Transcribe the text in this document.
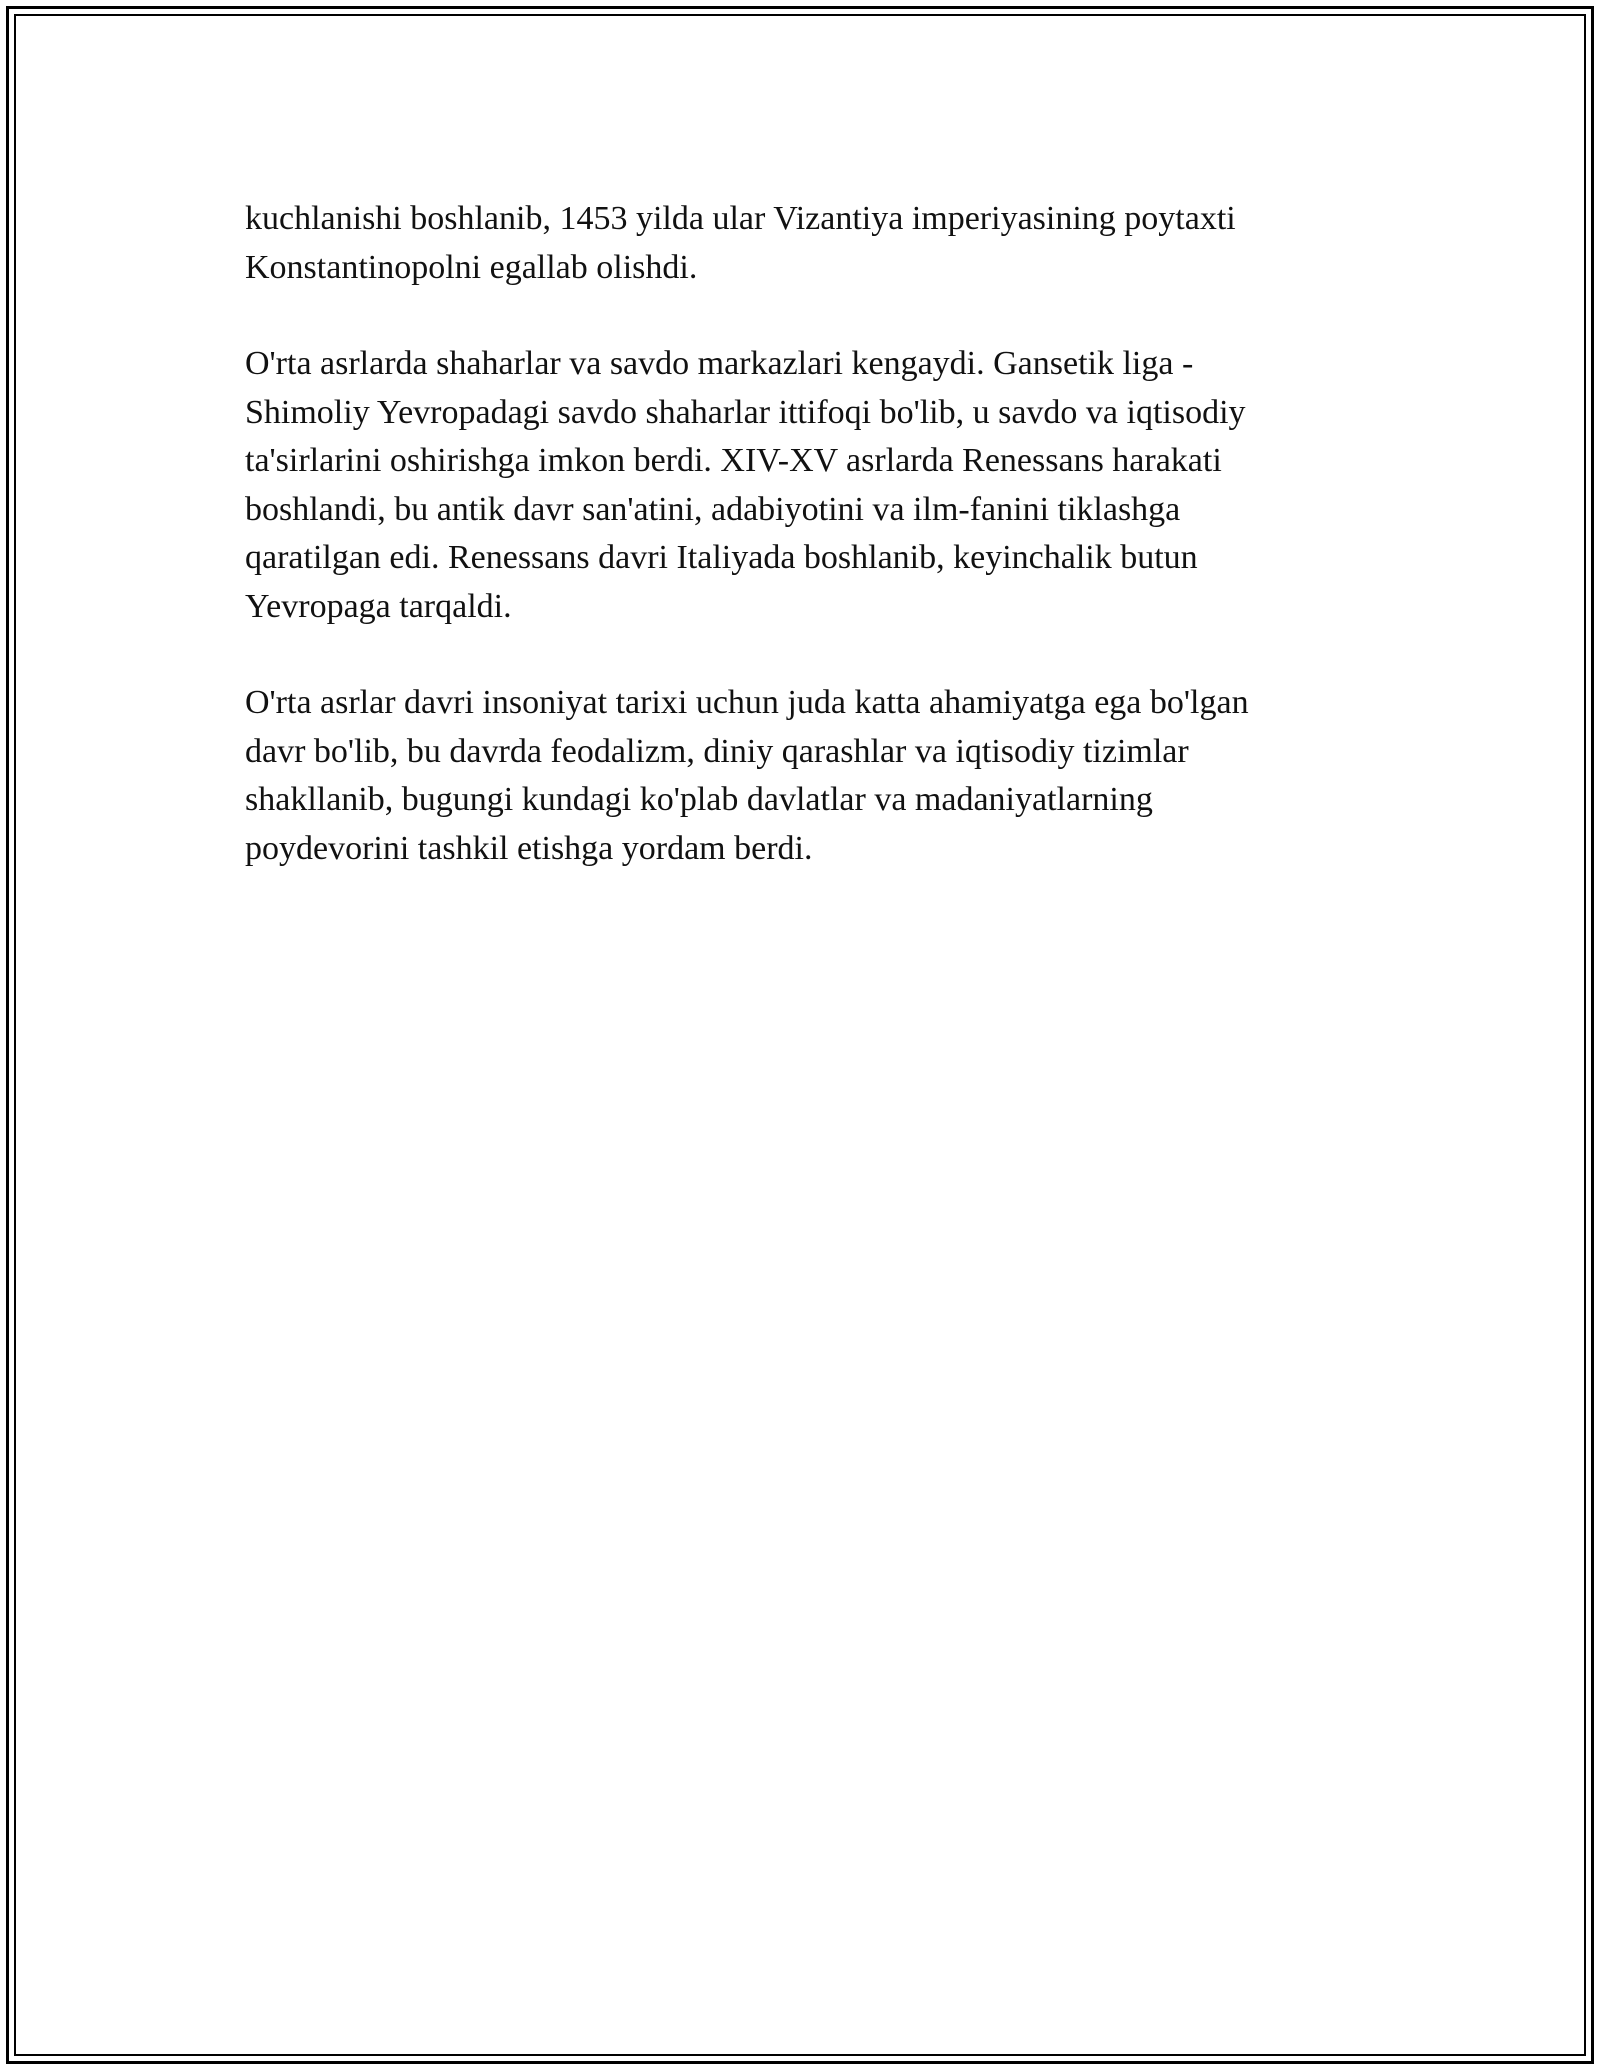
kuchlanishi boshlanib, 1453 yilda ular Vizantiya imperiyasining poytaxti
Konstantinopolni egallab olishdi.

O'rta asrlarda shaharlar va savdo markazlari kengaydi. Gansetik liga -
Shimoliy Yevropadagi savdo shaharlar ittifoqi bo'lib, u savdo va iqtisodiy
ta'sirlarini oshirishga imkon berdi. XIV-XV asrlarda Renessans harakati
boshlandi, bu antik davr san'atini, adabiyotini va ilm-fanini tiklashga
qaratilgan edi. Renessans davri Italiyada boshlanib, keyinchalik butun
Yevropaga tarqaldi.

O'rta asrlar davri insoniyat tarixi uchun juda katta ahamiyatga ega bo'lgan
davr bo'lib, bu davrda feodalizm, diniy qarashlar va iqtisodiy tizimlar
shakllanib, bugungi kundagi ko'plab davlatlar va madaniyatlarning
poydevorini tashkil etishga yordam berdi.
